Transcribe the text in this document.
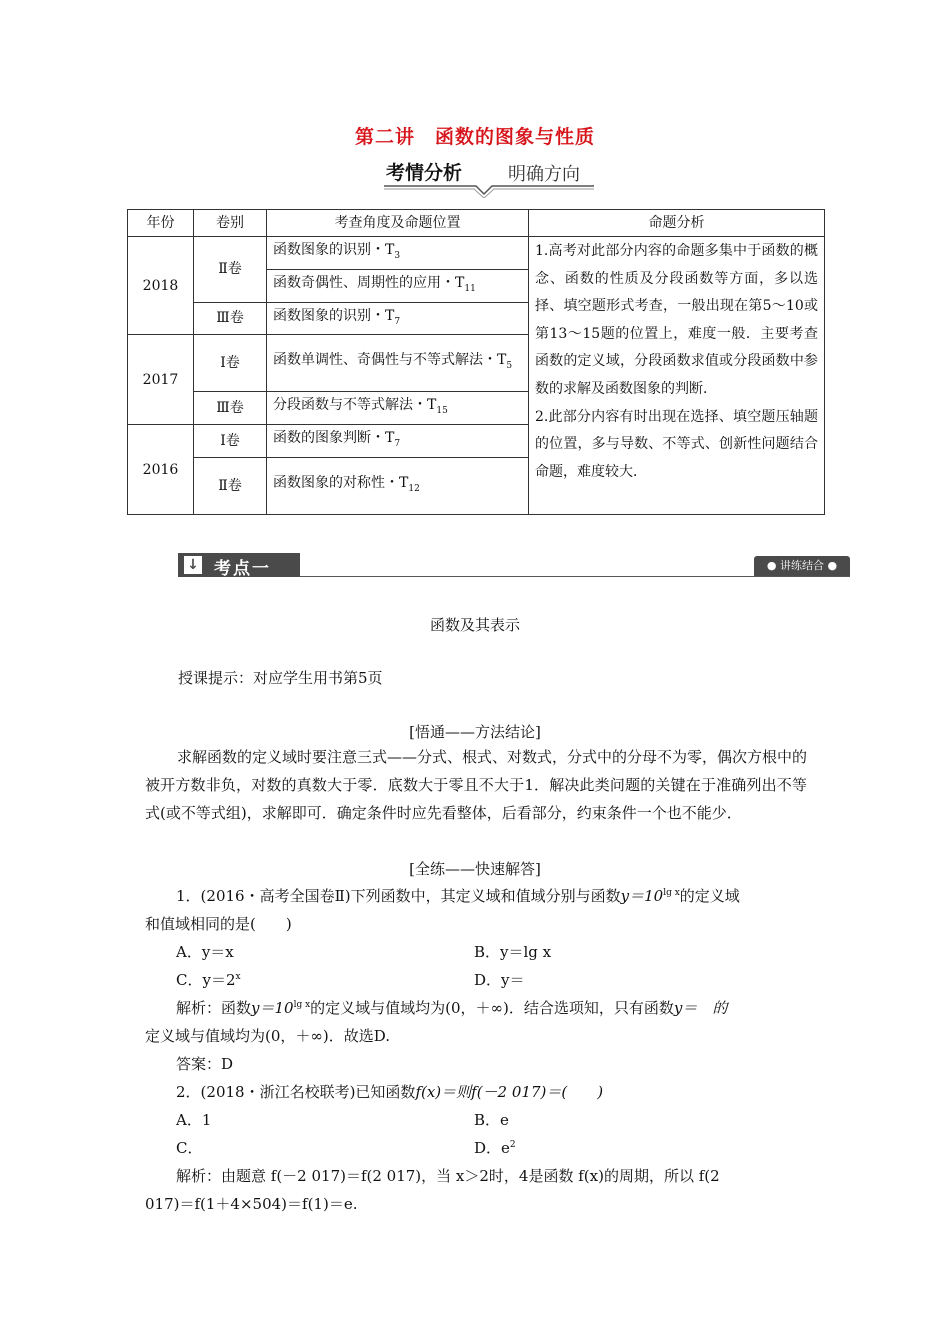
第二讲　函数的图象与性质
考情分析	明确方向
年份	卷别	考查角度及命题位置	命题分析
2018	Ⅱ卷	函数图象的识别・$T_3$	1.高考对此部分内容的命题多集中于函数的概念、函数的性质及分段函数等方面，多以选择、填空题形式考查，一般出现在第5～10或第13～15题的位置上，难度一般．主要考查函数的定义域，分段函数求值或分段函数中参数的求解及函数图象的判断．
2.此部分内容有时出现在选择、填空题压轴题的位置，多与导数、不等式、创新性问题结合命题，难度较大．

		函数奇偶性、周期性的应用・$T_{11}$
	Ⅲ卷	函数图象的识别・$T_7$
2017	Ⅰ卷	函数单调性、奇偶性与不等式解法・$T_5$
	Ⅲ卷	分段函数与不等式解法・$T_{15}$
2016	Ⅰ卷	函数的图象判断・$T_7$
	Ⅱ卷	函数图象的对称性・$T_{12}$
↓ 考点一	● 讲练结合 ●
函数及其表示
授课提示：对应学生用书第5页
[悟通——方法结论]
求解函数的定义域时要注意三式——分式、根式、对数式，分式中的分母不为零，偶次方根中的被开方数非负，对数的真数大于零．底数大于零且不大于1．解决此类问题的关键在于准确列出不等式(或不等式组)，求解即可．确定条件时应先看整体，后看部分，约束条件一个也不能少．
[全练——快速解答]
1．(2016・高考全国卷Ⅱ)下列函数中，其定义域和值域分别与函数$y=10^{lg x}$的定义域
和值域相同的是(　　)
A．y＝x	B．y＝lg x
C．$y=2^x$	D．y＝
解析：函数$y=10^{lg x}$的定义域与值域均为(0，＋∞)．结合选项知，只有函数y＝　的
定义域与值域均为(0，＋∞)．故选D.
答案：D
2．(2018・浙江名校联考)已知函数f(x)＝则f(－2 017)＝(　　)
A．1	B．e
C．	D．$e^2$
解析：由题意 f(－2 017)＝f(2 017)，当 x＞2时，4是函数 f(x)的周期，所以 f(2
017)＝f(1＋4×504)＝f(1)＝e.
